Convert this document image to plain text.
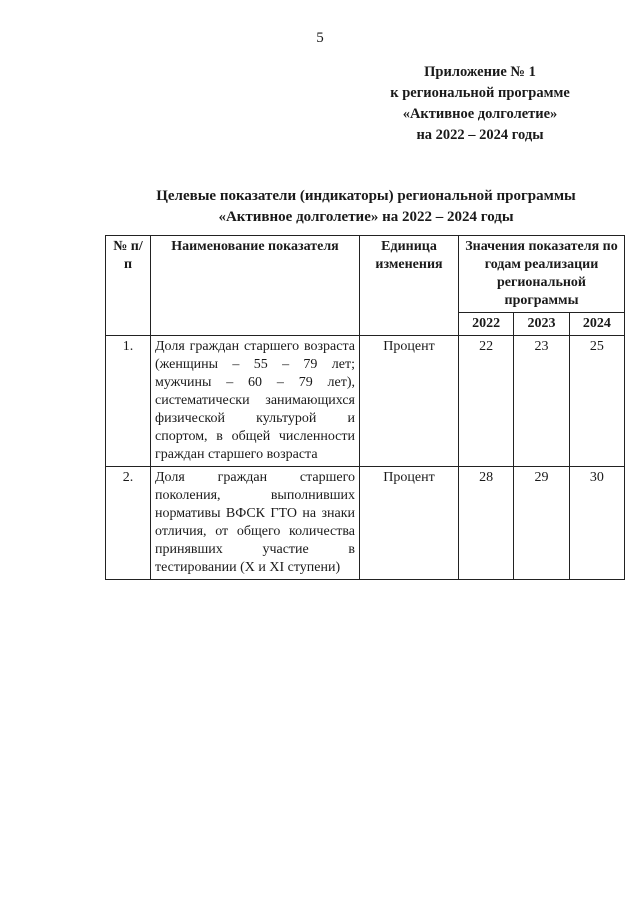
5
Приложение № 1
к региональной программе
«Активное долголетие»
на 2022 – 2024 годы
Целевые показатели (индикаторы) региональной программы
«Активное долголетие» на 2022 – 2024 годы
№ п/п	Наименование показателя	Единица изменения	Значения показателя по годам реализации региональной программы		
			2022	2023	2024
1.	Доля граждан старшего возраста (женщины – 55 – 79 лет; мужчины – 60 – 79 лет), систематически занимающихся физической культурой и спортом, в общей численности граждан старшего возраста	Процент	22	23	25
2.	Доля граждан старшего поколения, выполнивших нормативы ВФСК ГТО на знаки отличия, от общего количества принявших участие в тестировании (X и XI ступени)	Процент	28	29	30
